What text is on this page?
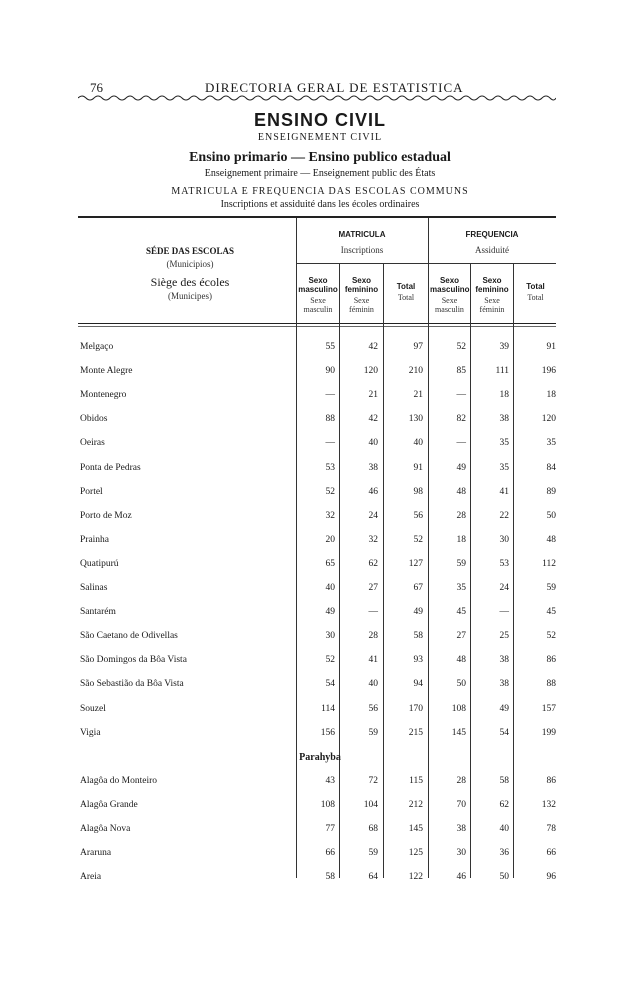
76	DIRECTORIA GERAL DE ESTATISTICA
ENSINO CIVIL
ENSEIGNEMENT CIVIL
Ensino primario — Ensino publico estadual
Enseignement primaire — Enseignement public des États
MATRICULA E FREQUENCIA DAS ESCOLAS COMMUNS
Inscriptions et assiduité dans les écoles ordinaires
SÉDE DAS ESCOLAS
(Municipios)
Siège des écoles
(Municipes)
MATRICULA
Inscriptions
FREQUENCIA
Assiduité
Sexo masculino
Sexe masculin
Sexo feminino
Sexe féminin
Total
Total
Sexo masculino
Sexe masculin
Sexo feminino
Sexe féminin
Total
Total
Melgaço	55	42	97	52	39	91
Monte Alegre	90	120	210	85	111	196
Montenegro	—	21	21	—	18	18
Obidos	88	42	130	82	38	120
Oeiras	—	40	40	—	35	35
Ponta de Pedras	53	38	91	49	35	84
Portel	52	46	98	48	41	89
Porto de Moz	32	24	56	28	22	50
Prainha	20	32	52	18	30	48
Quatipurú	65	62	127	59	53	112
Salinas	40	27	67	35	24	59
Santarém	49	—	49	45	—	45
São Caetano de Odivellas	30	28	58	27	25	52
São Domingos da Bôa Vista	52	41	93	48	38	86
São Sebastião da Bôa Vista	54	40	94	50	38	88
Souzel	114	56	170	108	49	157
Vigia	156	59	215	145	54	199
Parahyba
Alagôa do Monteiro	43	72	115	28	58	86
Alagôa Grande	108	104	212	70	62	132
Alagôa Nova	77	68	145	38	40	78
Araruna	66	59	125	30	36	66
Areia	58	64	122	46	50	96
